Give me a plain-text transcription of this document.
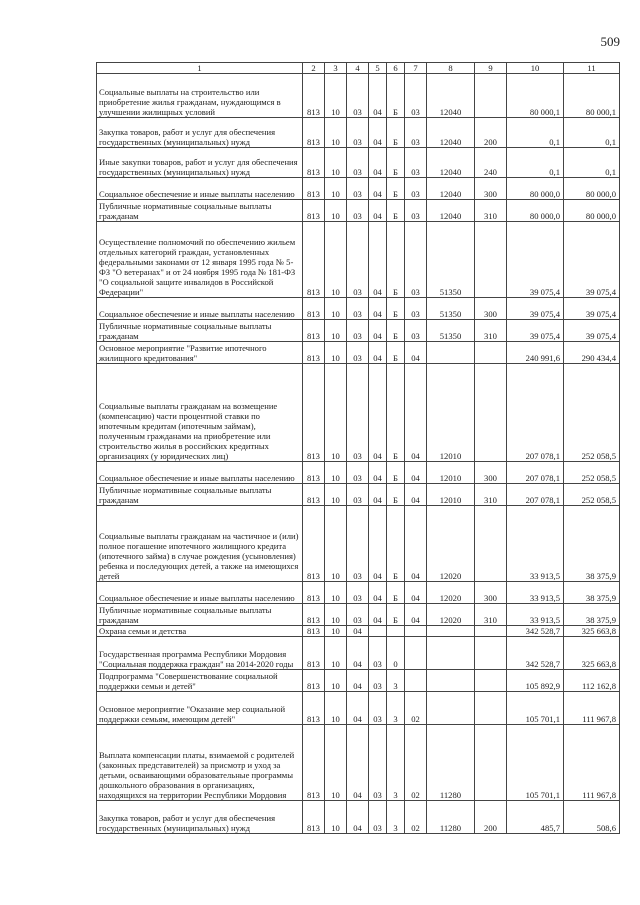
509
1	2	3	4	5	6	7	8	9	10	11
Социальные выплаты на строительство или приобретение жилья гражданам, нуждающимся в улучшении жилищных условий	813	10	03	04	Б	03	12040		80 000,1	80 000,1
Закупка товаров, работ и услуг для обеспечения государственных (муниципальных) нужд	813	10	03	04	Б	03	12040	200	0,1	0,1
Иные закупки товаров, работ и услуг для обеспечения государственных (муниципальных) нужд	813	10	03	04	Б	03	12040	240	0,1	0,1
Социальное обеспечение и иные выплаты населению	813	10	03	04	Б	03	12040	300	80 000,0	80 000,0
Публичные нормативные социальные выплаты гражданам	813	10	03	04	Б	03	12040	310	80 000,0	80 000,0
Осуществление полномочий по обеспечению жильем отдельных категорий граждан, установленных федеральными законами от 12 января 1995 года № 5-ФЗ "О ветеранах" и от 24 ноября 1995 года № 181-ФЗ "О социальной защите инвалидов в Российской Федерации"	813	10	03	04	Б	03	51350		39 075,4	39 075,4
Социальное обеспечение и иные выплаты населению	813	10	03	04	Б	03	51350	300	39 075,4	39 075,4
Публичные нормативные социальные выплаты гражданам	813	10	03	04	Б	03	51350	310	39 075,4	39 075,4
Основное мероприятие "Развитие ипотечного жилищного кредитования"	813	10	03	04	Б	04			240 991,6	290 434,4
Социальные выплаты гражданам на возмещение (компенсацию) части процентной ставки по ипотечным кредитам (ипотечным займам), полученным гражданами на приобретение или строительство жилья в российских кредитных организациях (у юридических лиц)	813	10	03	04	Б	04	12010		207 078,1	252 058,5
Социальное обеспечение и иные выплаты населению	813	10	03	04	Б	04	12010	300	207 078,1	252 058,5
Публичные нормативные социальные выплаты гражданам	813	10	03	04	Б	04	12010	310	207 078,1	252 058,5
Социальные выплаты гражданам на частичное и (или) полное погашение ипотечного жилищного кредита (ипотечного займа) в случае рождения (усыновления) ребенка и последующих детей, а также на имеющихся детей	813	10	03	04	Б	04	12020		33 913,5	38 375,9
Социальное обеспечение и иные выплаты населению	813	10	03	04	Б	04	12020	300	33 913,5	38 375,9
Публичные нормативные социальные выплаты гражданам	813	10	03	04	Б	04	12020	310	33 913,5	38 375,9
Охрана семьи и детства	813	10	04						342 528,7	325 663,8
Государственная программа Республики Мордовия "Социальная поддержка граждан" на 2014-2020 годы	813	10	04	03	0				342 528,7	325 663,8
Подпрограмма "Совершенствование социальной поддержки семьи и детей"	813	10	04	03	3				105 892,9	112 162,8
Основное мероприятие "Оказание мер социальной поддержки семьям, имеющим детей"	813	10	04	03	3	02			105 701,1	111 967,8
Выплата компенсации платы, взимаемой с родителей (законных представителей) за присмотр и уход за детьми, осваивающими образовательные программы дошкольного образования в организациях, находящихся на территории Республики Мордовия	813	10	04	03	3	02	11280		105 701,1	111 967,8
Закупка товаров, работ и услуг для обеспечения государственных (муниципальных) нужд	813	10	04	03	3	02	11280	200	485,7	508,6
